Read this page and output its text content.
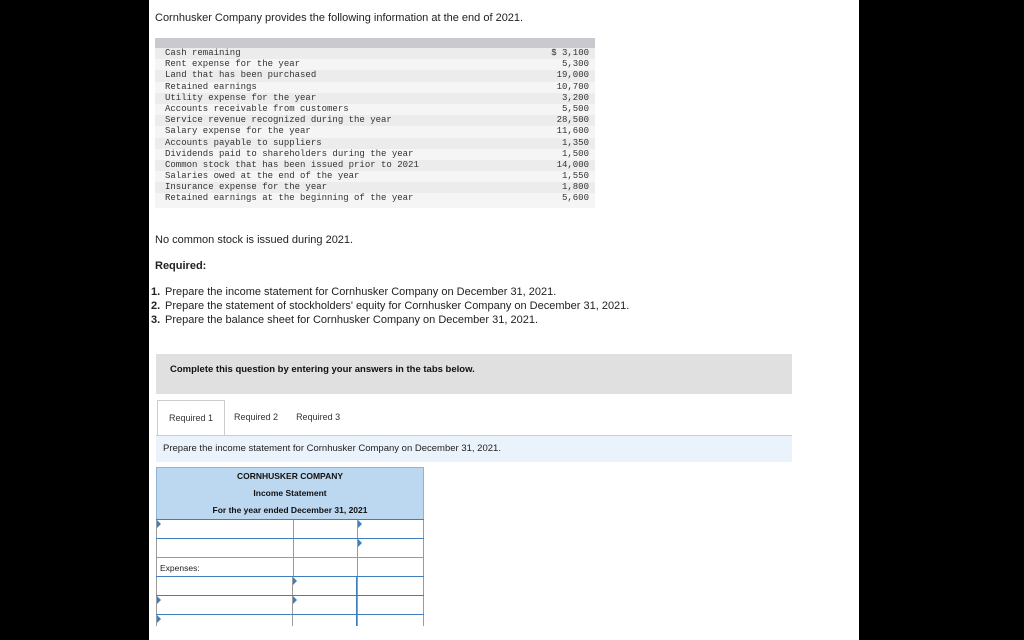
Cornhusker Company provides the following information at the end of 2021.
Cash remaining	$ 3,100
Rent expense for the year	5,300
Land that has been purchased	19,000
Retained earnings	10,700
Utility expense for the year	3,200
Accounts receivable from customers	5,500
Service revenue recognized during the year	28,500
Salary expense for the year	11,600
Accounts payable to suppliers	1,350
Dividends paid to shareholders during the year	1,500
Common stock that has been issued prior to 2021	14,000
Salaries owed at the end of the year	1,550
Insurance expense for the year	1,800
Retained earnings at the beginning of the year	5,600
No common stock is issued during 2021.
Required:
1. Prepare the income statement for Cornhusker Company on December 31, 2021.
2. Prepare the statement of stockholders' equity for Cornhusker Company on December 31, 2021.
3. Prepare the balance sheet for Cornhusker Company on December 31, 2021.
Complete this question by entering your answers in the tabs below.
Required 1	Required 2	Required 3
Prepare the income statement for Cornhusker Company on December 31, 2021.
CORNHUSKER COMPANY
Income Statement
For the year ended December 31, 2021
Expenses:
